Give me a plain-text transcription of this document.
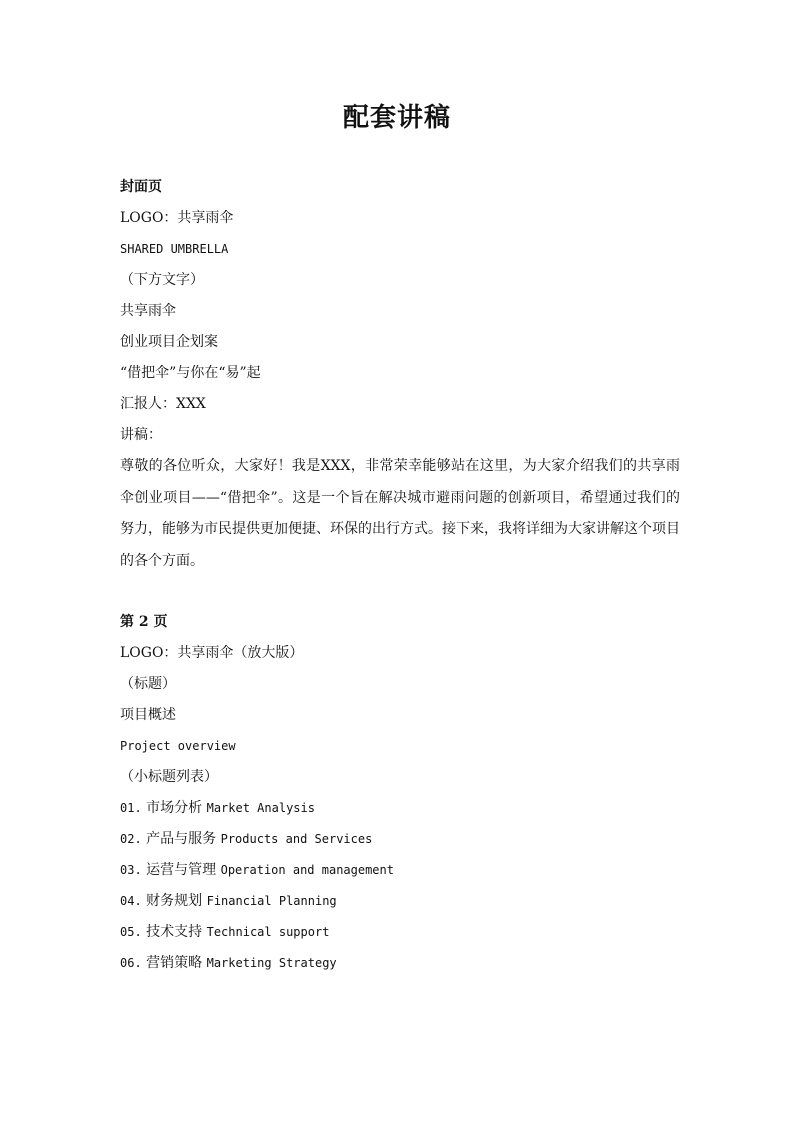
配套讲稿
封面页
LOGO：共享雨伞
SHARED UMBRELLA
（下方文字）
共享雨伞
创业项目企划案
“借把伞”与你在“易”起
汇报人：XXX
讲稿：

尊敬的各位听众，大家好！我是XXX，非常荣幸能够站在这里，为大家介绍我们的共享雨伞创业项目——“借把伞”。这是一个旨在解决城市避雨问题的创新项目，希望通过我们的努力，能够为市民提供更加便捷、环保的出行方式。接下来，我将详细为大家讲解这个项目的各个方面。

第 2 页
LOGO：共享雨伞（放大版）
（标题）
项目概述
Project overview
（小标题列表）
01. 市场分析 Market Analysis
02. 产品与服务 Products and Services
03. 运营与管理 Operation and management
04. 财务规划 Financial Planning
05. 技术支持 Technical support
06. 营销策略 Marketing Strategy
